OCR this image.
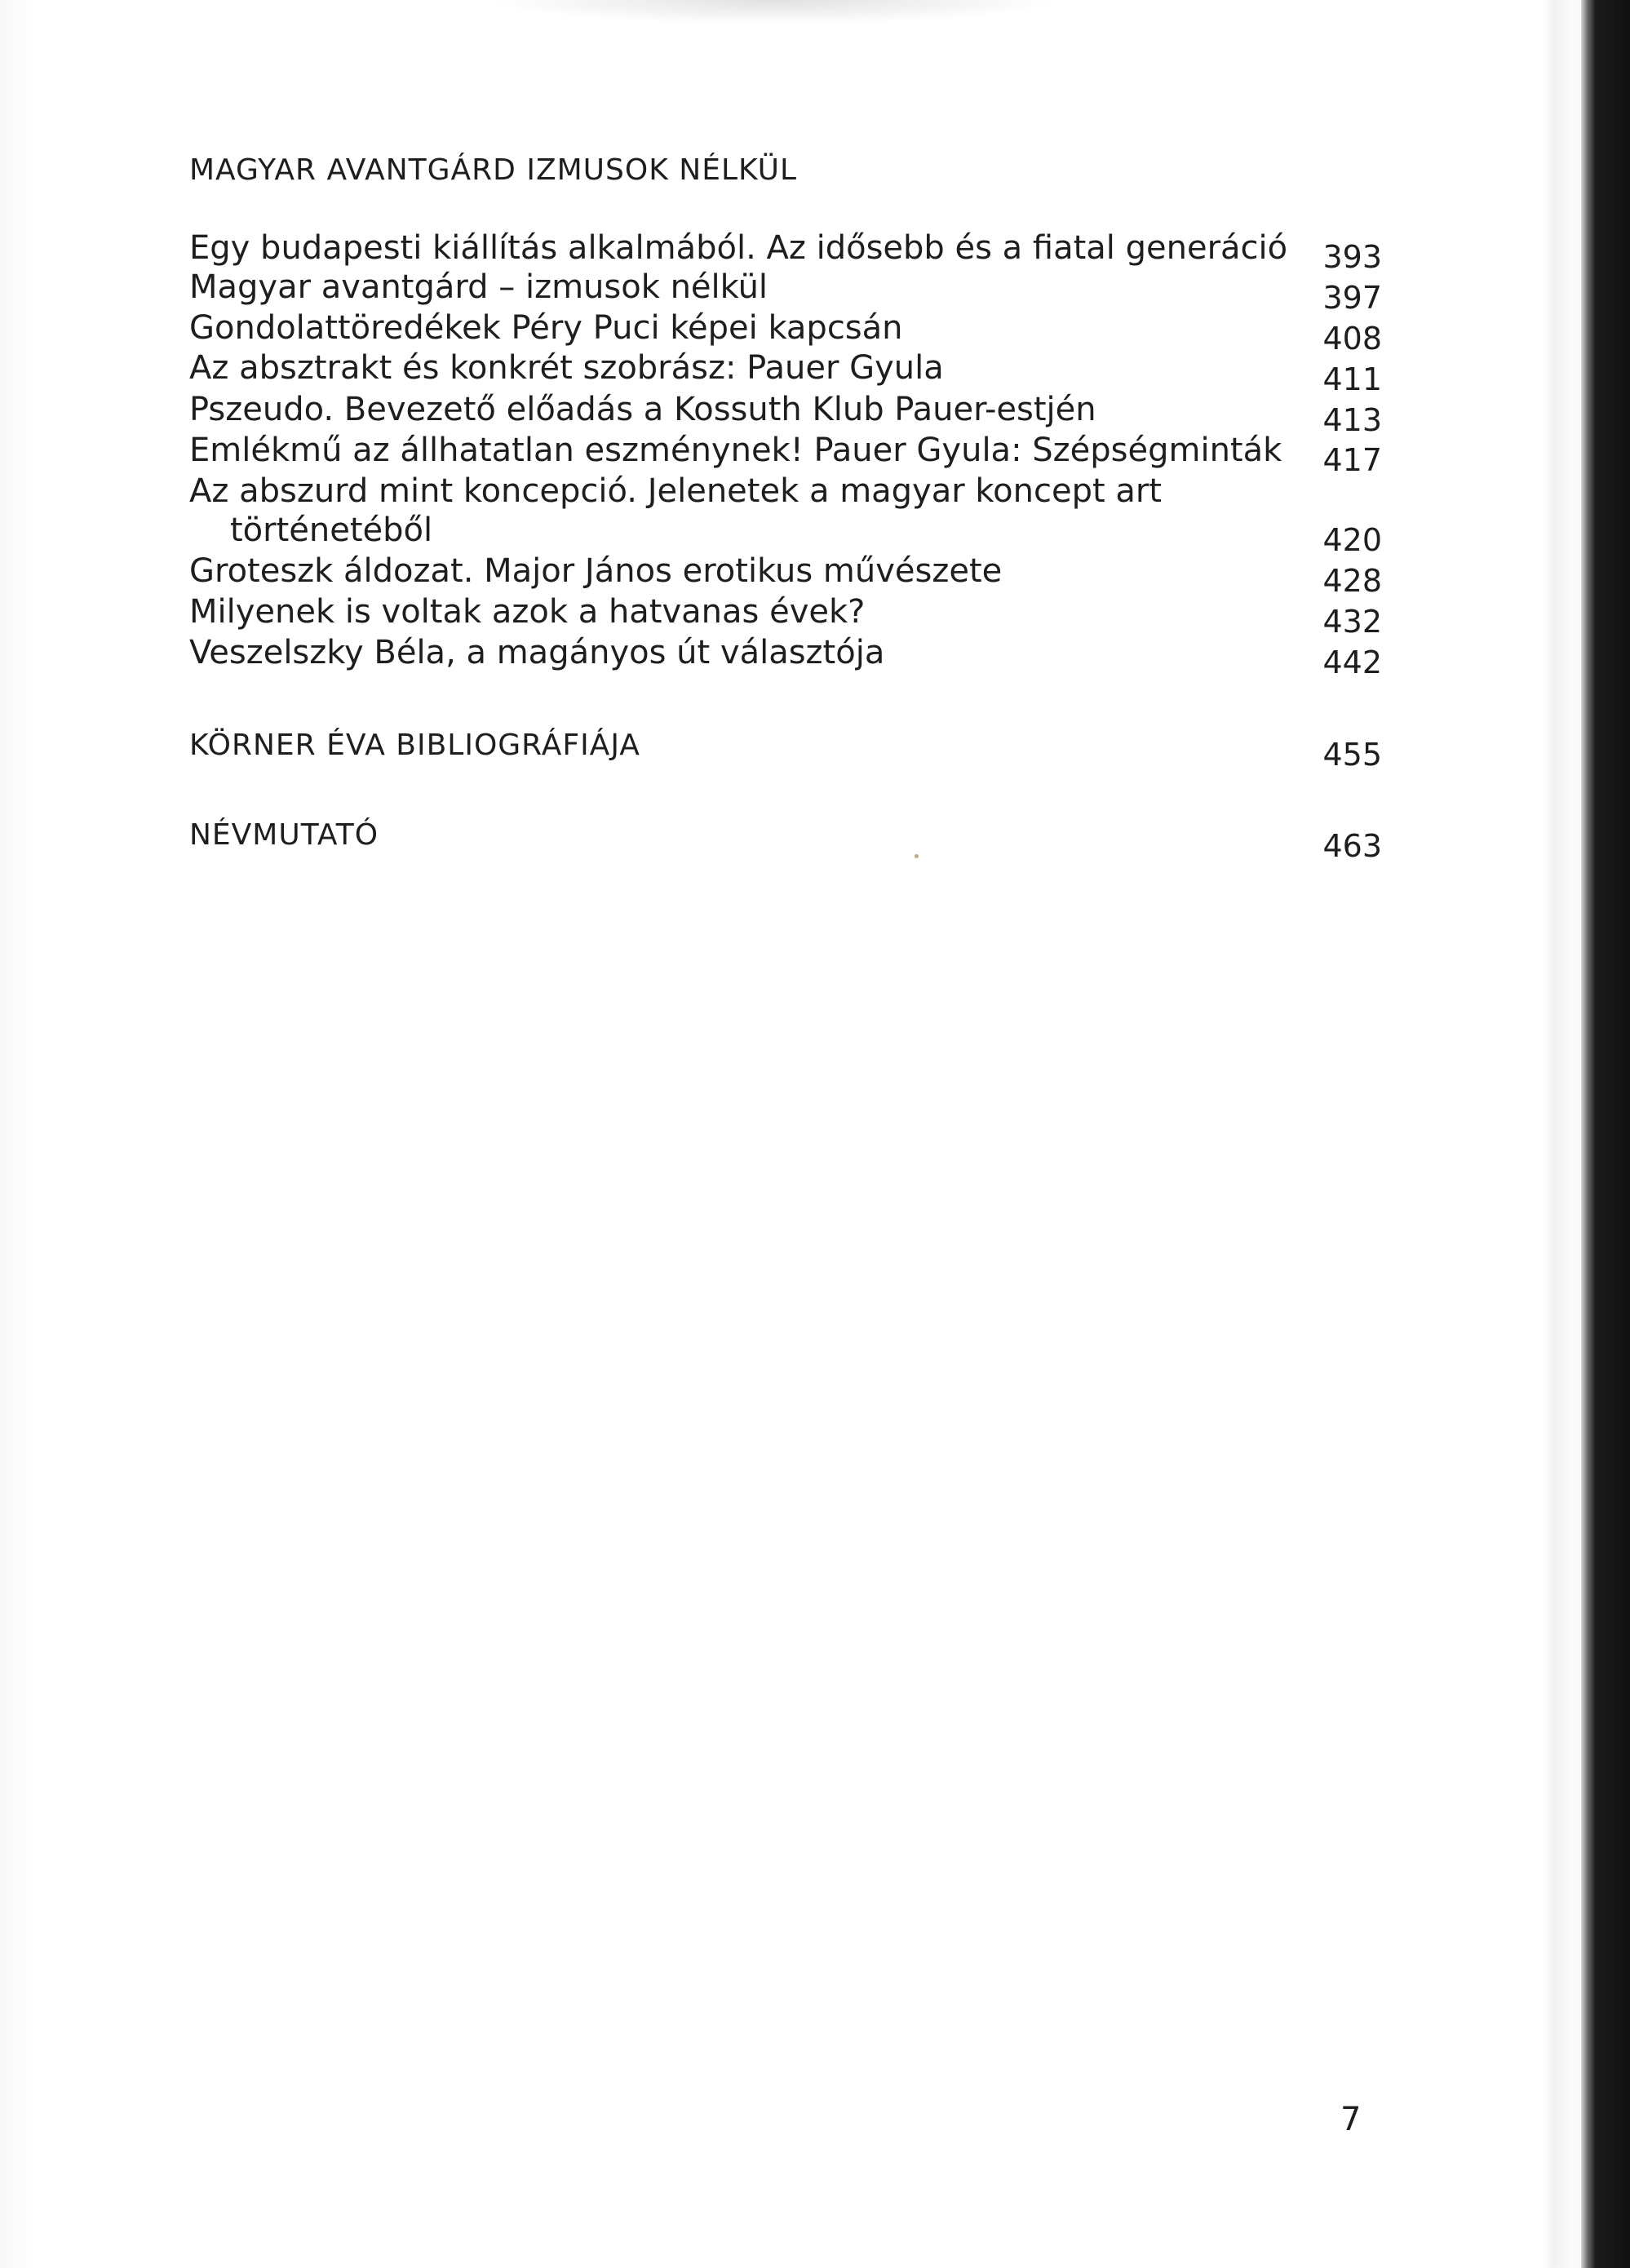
MAGYAR AVANTGÁRD IZMUSOK NÉLKÜL
Egy budapesti kiállítás alkalmából. Az idősebb és a fiatal generáció	393
Magyar avantgárd – izmusok nélkül	397
Gondolattöredékek Péry Puci képei kapcsán	408
Az absztrakt és konkrét szobrász: Pauer Gyula	411
Pszeudo. Bevezető előadás a Kossuth Klub Pauer-estjén	413
Emlékmű az állhatatlan eszménynek! Pauer Gyula: Szépségminták	417
Az abszurd mint koncepció. Jelenetek a magyar koncept art
történetéből	420
Groteszk áldozat. Major János erotikus művészete	428
Milyenek is voltak azok a hatvanas évek?	432
Veszelszky Béla, a magányos út választója	442
KÖRNER ÉVA BIBLIOGRÁFIÁJA	455
NÉVMUTATÓ	463
7
